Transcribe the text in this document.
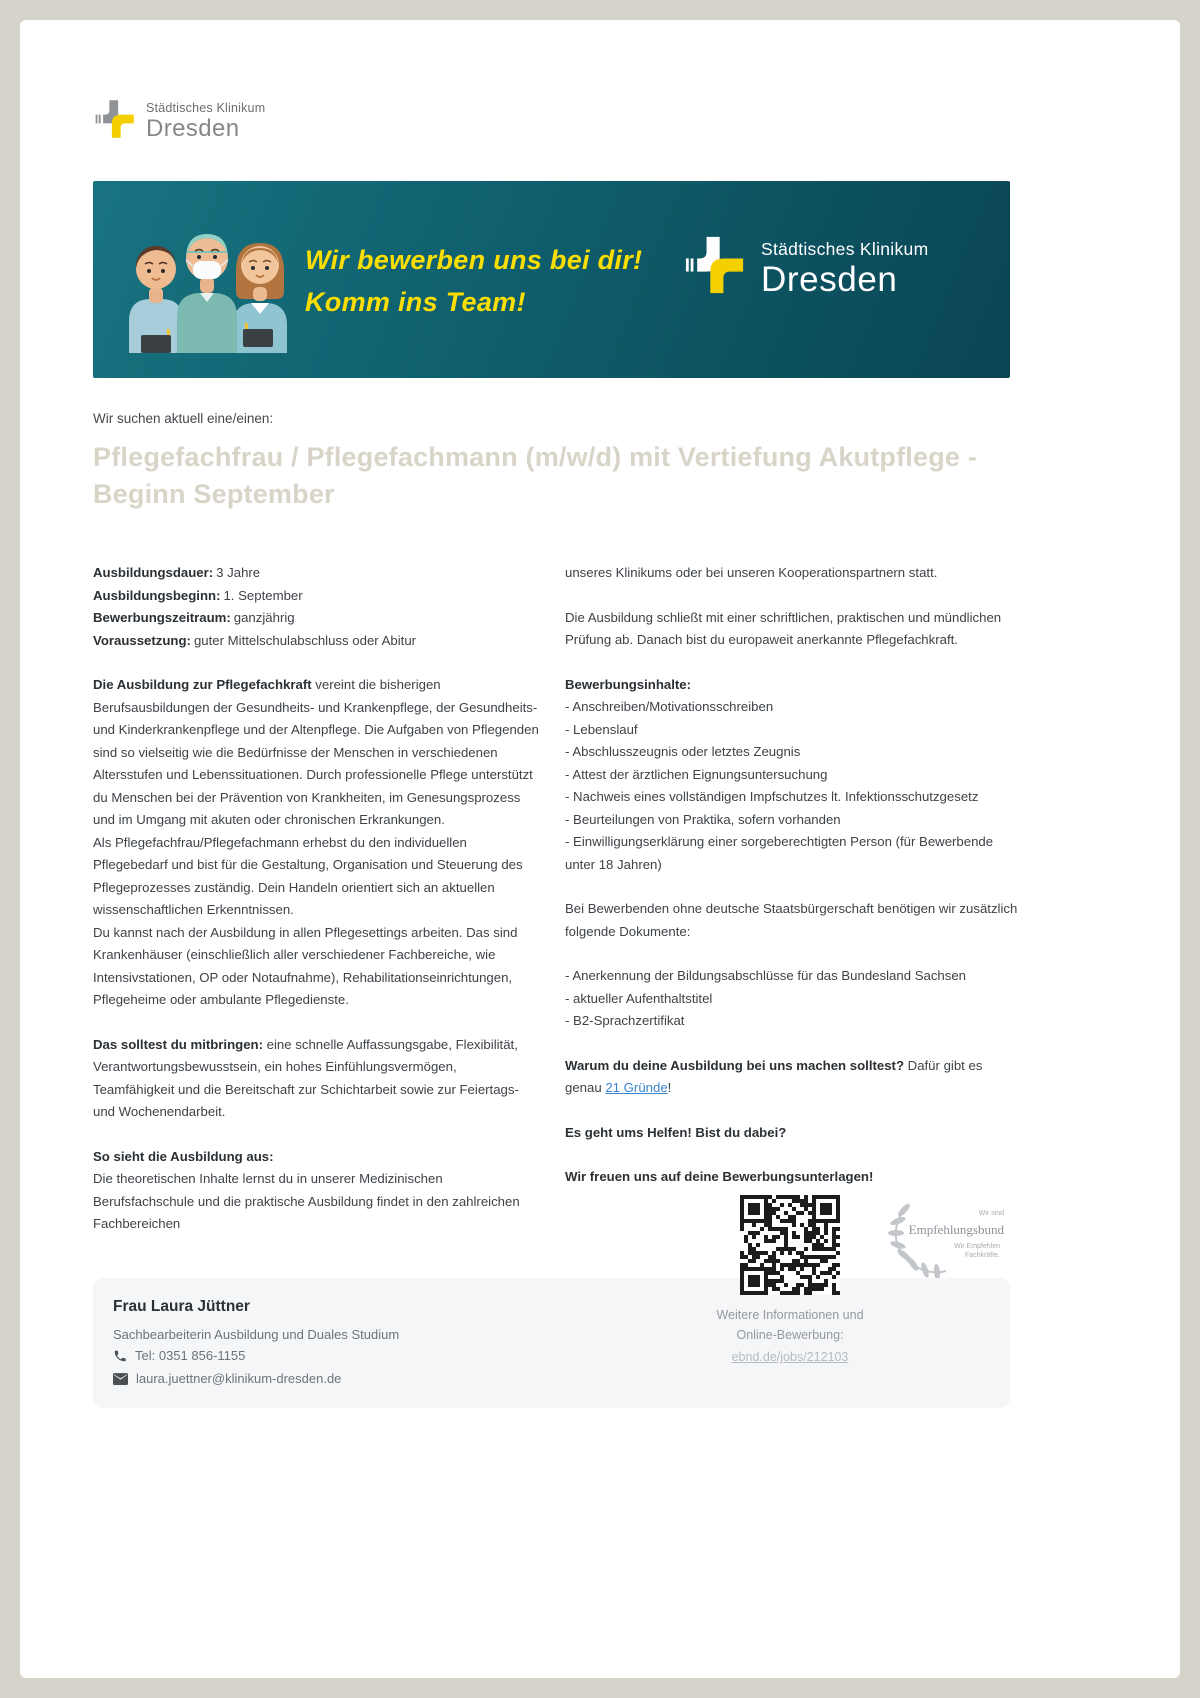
Städtisches Klinikum
Dresden
Wir bewerben uns bei dir!
Komm ins Team!
Städtisches Klinikum
Dresden
Wir suchen aktuell eine/einen:
Pflegefachfrau / Pflegefachmann (m/w/d) mit Vertiefung Akutpflege -
Beginn September
Ausbildungsdauer: 3 Jahre
Ausbildungsbeginn: 1. September
Bewerbungszeitraum: ganzjährig
Voraussetzung: guter Mittelschulabschluss oder Abitur
Die Ausbildung zur Pflegefachkraft vereint die bisherigen Berufsausbildungen der Gesundheits- und Krankenpflege, der Gesundheits- und Kinderkrankenpflege und der Altenpflege. Die Aufgaben von Pflegenden sind so vielseitig wie die Bedürfnisse der Menschen in verschiedenen Altersstufen und Lebenssituationen. Durch professionelle Pflege unterstützt du Menschen bei der Prävention von Krankheiten, im Genesungsprozess und im Umgang mit akuten oder chronischen Erkrankungen.
Als Pflegefachfrau/Pflegefachmann erhebst du den individuellen Pflegebedarf und bist für die Gestaltung, Organisation und Steuerung des Pflegeprozesses zuständig. Dein Handeln orientiert sich an aktuellen wissenschaftlichen Erkenntnissen.
Du kannst nach der Ausbildung in allen Pflegesettings arbeiten. Das sind Krankenhäuser (einschließlich aller verschiedener Fachbereiche, wie Intensivstationen, OP oder Notaufnahme), Rehabilitationseinrichtungen, Pflegeheime oder ambulante Pflegedienste.
Das solltest du mitbringen: eine schnelle Auffassungsgabe, Flexibilität, Verantwortungsbewusstsein, ein hohes Einfühlungsvermögen, Teamfähigkeit und die Bereitschaft zur Schichtarbeit sowie zur Feiertags- und Wochenendarbeit.
So sieht die Ausbildung aus:
Die theoretischen Inhalte lernst du in unserer Medizinischen Berufsfachschule und die praktische Ausbildung findet in den zahlreichen Fachbereichen
unseres Klinikums oder bei unseren Kooperationspartnern statt.
Die Ausbildung schließt mit einer schriftlichen, praktischen und mündlichen Prüfung ab. Danach bist du europaweit anerkannte Pflegefachkraft.
Bewerbungsinhalte:
- Anschreiben/Motivationsschreiben
- Lebenslauf
- Abschlusszeugnis oder letztes Zeugnis
- Attest der ärztlichen Eignungsuntersuchung
- Nachweis eines vollständigen Impfschutzes lt. Infektionsschutzgesetz
- Beurteilungen von Praktika, sofern vorhanden
- Einwilligungserklärung einer sorgeberechtigten Person (für Bewerbende unter 18 Jahren)
Bei Bewerbenden ohne deutsche Staatsbürgerschaft benötigen wir zusätzlich folgende Dokumente:
- Anerkennung der Bildungsabschlüsse für das Bundesland Sachsen
- aktueller Aufenthaltstitel
- B2-Sprachzertifikat
Warum du deine Ausbildung bei uns machen solltest? Dafür gibt es genau 21 Gründe!
Es geht ums Helfen! Bist du dabei?
Wir freuen uns auf deine Bewerbungsunterlagen!
Frau Laura Jüttner
Sachbearbeiterin Ausbildung und Duales Studium
Tel: 0351 856-1155
laura.juettner@klinikum-dresden.de
Weitere Informationen und
Online-Bewerbung:
ebnd.de/jobs/212103
Wir sind
Empfehlungsbund
Wir Empfehlen
Fachkräfte.
